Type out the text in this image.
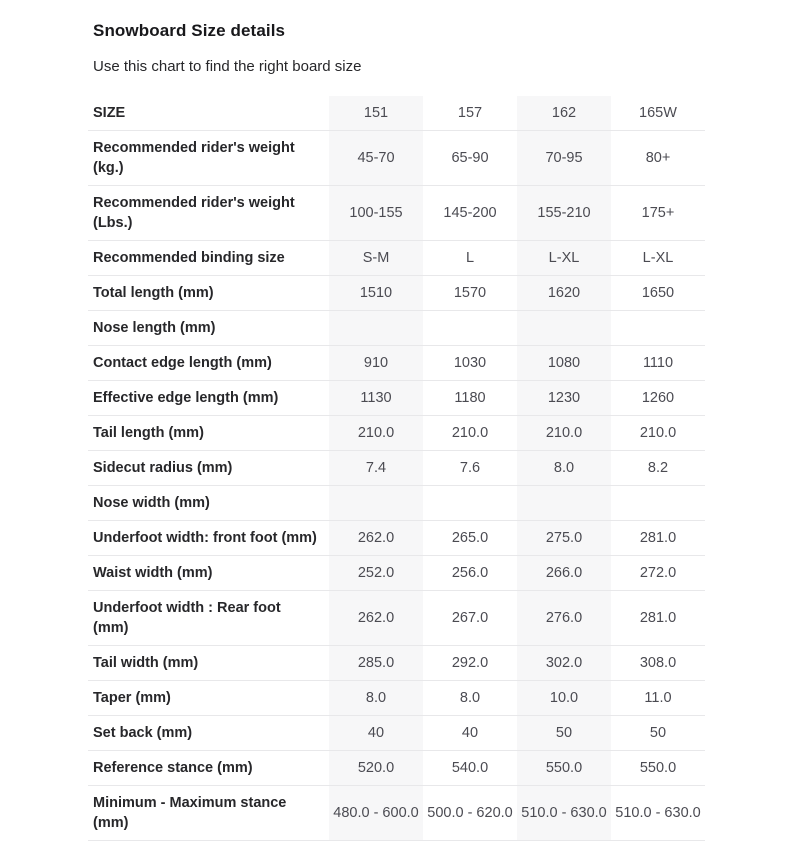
Snowboard Size details

Use this chart to find the right board size

SIZE	151	157	162	165W
Recommended rider's weight (kg.)	45-70	65-90	70-95	80+
Recommended rider's weight (Lbs.)	100-155	145-200	155-210	175+
Recommended binding size	S-M	L	L-XL	L-XL
Total length (mm)	1510	1570	1620	1650
Nose length (mm)				
Contact edge length (mm)	910	1030	1080	1110
Effective edge length (mm)	1130	1180	1230	1260
Tail length (mm)	210.0	210.0	210.0	210.0
Sidecut radius (mm)	7.4	7.6	8.0	8.2
Nose width (mm)				
Underfoot width: front foot (mm)	262.0	265.0	275.0	281.0
Waist width (mm)	252.0	256.0	266.0	272.0
Underfoot width : Rear foot (mm)	262.0	267.0	276.0	281.0
Tail width (mm)	285.0	292.0	302.0	308.0
Taper (mm)	8.0	8.0	10.0	11.0
Set back (mm)	40	40	50	50
Reference stance (mm)	520.0	540.0	550.0	550.0
Minimum - Maximum stance (mm)	480.0 - 600.0	500.0 - 620.0	510.0 - 630.0	510.0 - 630.0
